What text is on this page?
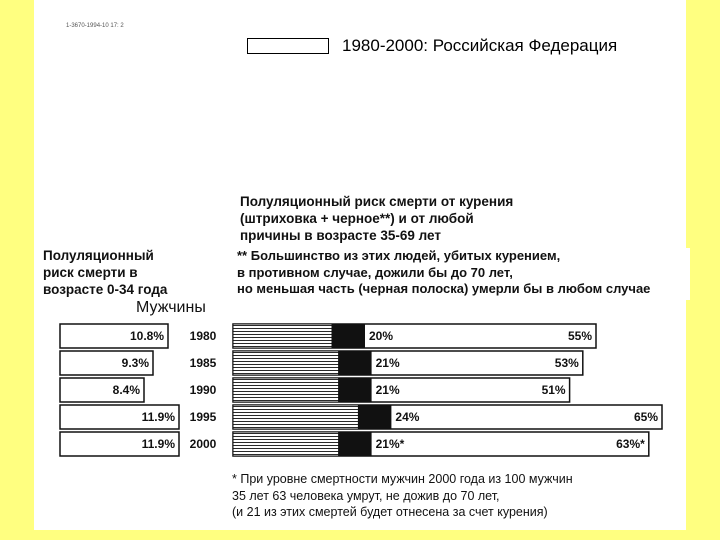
1-3670-1994-10 17: 2
1980-2000: Российская Федерация
Полуляционный риск смерти от курения
(штриховка + черное**) и от любой
причины в возрасте 35-69 лет
Полуляционный
риск смерти в
возрасте 0-34 года
Мужчины
** Большинство из этих людей, убитых курением,
в противном случае, дожили бы до 70 лет,
но меньшая часть (черная полоска) умерли бы в любом случае
10.8% 1980	20%	55%
9.3%	1985	21%	53%
8.4%	1990	21%	51%
11.9% 1995	24%	65%
11.9% 2000	21%*	63%*
* При уровне смертности мужчин 2000 года из 100 мужчин
35 лет 63 человека умрут, не дожив до 70 лет,
(и 21 из этих смертей будет отнесена за счет курения)
